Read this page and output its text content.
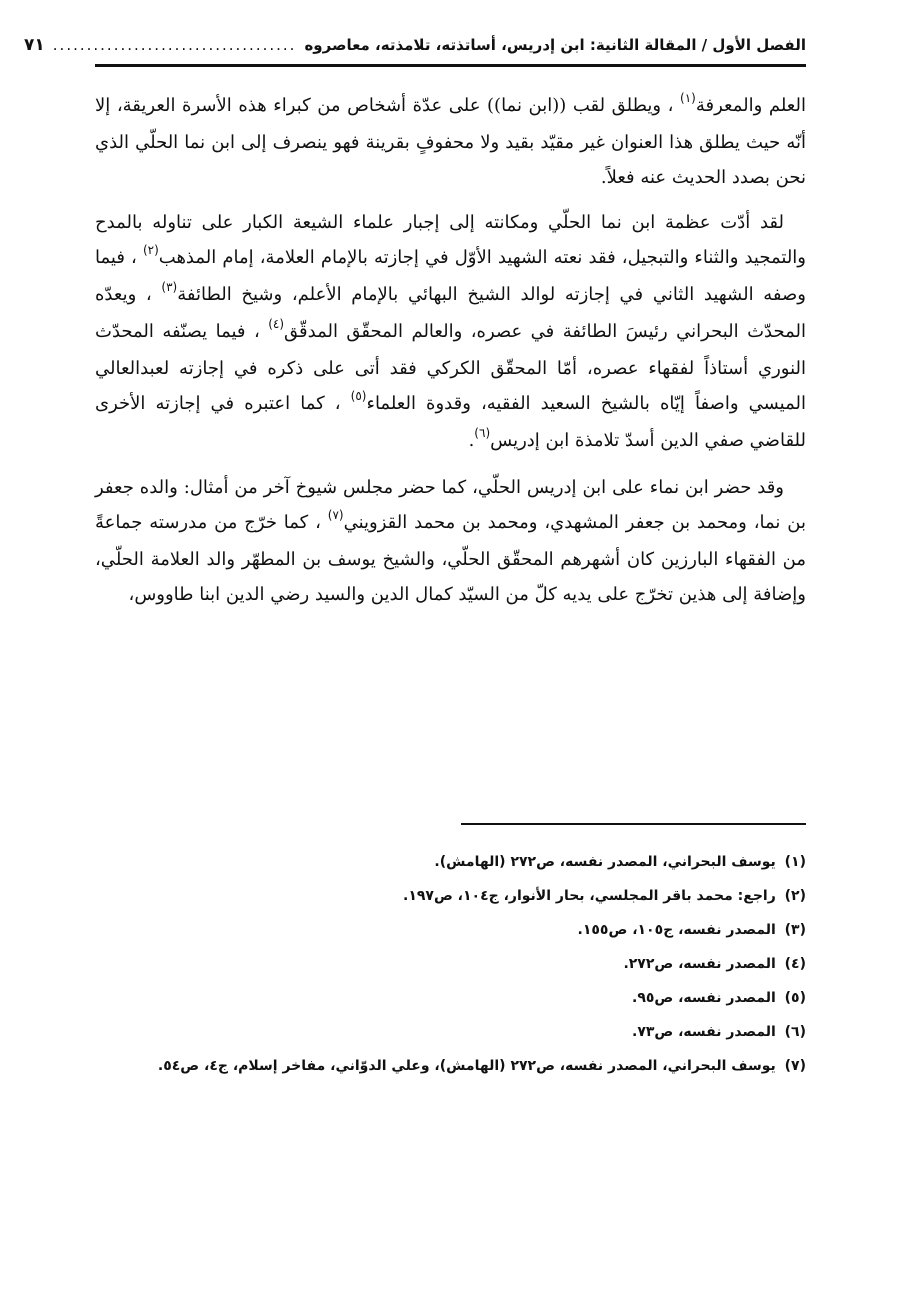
الفصل الأول / المقالة الثانية: ابن إدريس، أساتذته، تلامذته، معاصروه
....................................
٧١

العلم والمعرفة$^{(١)}$ ، ويطلق لقب ((ابن نما)) على عدّة أشخاص من كبراء هذه الأسرة العريقة، إلا أنّه حيث يطلق هذا العنوان غير مقيّد بقيد ولا محفوفٍ بقرينة فهو ينصرف إلى ابن نما الحلّي الذي نحن بصدد الحديث عنه فعلاً.

لقد أدّت عظمة ابن نما الحلّي ومكانته إلى إجبار علماء الشيعة الكبار على تناوله بالمدح والتمجيد والثناء والتبجيل، فقد نعته الشهيد الأوّل في إجازته بالإمام العلامة، إمام المذهب$^{(٢)}$ ، فيما وصفه الشهيد الثاني في إجازته لوالد الشيخ البهائي بالإمام الأعلم، وشيخ الطائفة$^{(٣)}$ ، ويعدّه المحدّث البحراني رئيسَ الطائفة في عصره، والعالم المحقّق المدقّق$^{(٤)}$ ، فيما يصنّفه المحدّث النوري أستاذاً لفقهاء عصره، أمّا المحقّق الكركي فقد أتى على ذكره في إجازته لعبدالعالي الميسي واصفاً إيّاه بالشيخ السعيد الفقيه، وقدوة العلماء$^{(٥)}$ ، كما اعتبره في إجازته الأخرى للقاضي صفي الدين أسدّ تلامذة ابن إدريس$^{(٦)}$.

وقد حضر ابن نماء على ابن إدريس الحلّي، كما حضر مجلس شيوخ آخر من أمثال: والده جعفر بن نما، ومحمد بن جعفر المشهدي، ومحمد بن محمد القزويني$^{(٧)}$ ، كما خرّج من مدرسته جماعةً من الفقهاء البارزين كان أشهرهم المحقّق الحلّي، والشيخ يوسف بن المطهّر والد العلامة الحلّي، وإضافة إلى هذين تخرّج على يديه كلّ من السيّد كمال الدين والسيد رضي الدين ابنا طاووس،

(١) يوسف البحراني، المصدر نفسه، ص٢٧٢ (الهامش).

(٢) راجع: محمد باقر المجلسي، بحار الأنوار، ج١٠٤، ص١٩٧.

(٣) المصدر نفسه، ج١٠٥، ص١٥٥.

(٤) المصدر نفسه، ص٢٧٢.

(٥) المصدر نفسه، ص٩٥.

(٦) المصدر نفسه، ص٧٣.

(٧) يوسف البحراني، المصدر نفسه، ص٢٧٢ (الهامش)، وعلي الدوّاني، مفاخر إسلام، ج٤، ص٥٤.
